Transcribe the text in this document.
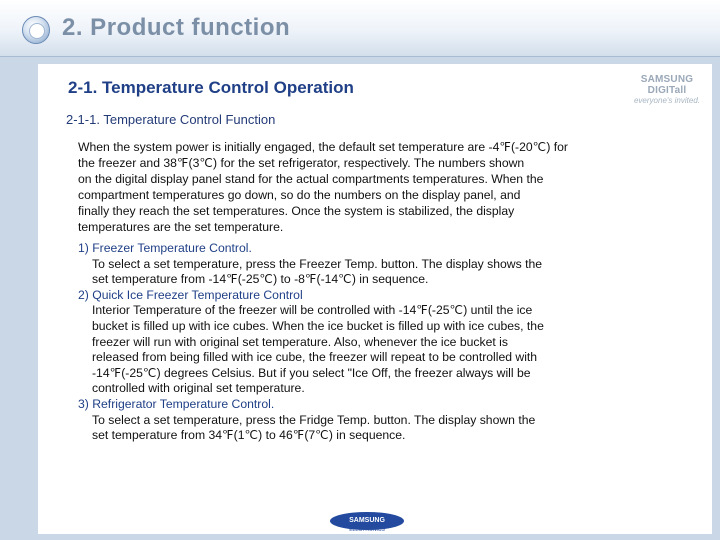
2. Product function
2-1. Temperature Control Operation	SAMSUNG DIGITall
everyone's invited.
2-1-1. Temperature Control Function
When the system power is initially engaged, the default set temperature are -4℉(-20℃) for
the freezer and 38℉(3℃) for the set refrigerator, respectively. The numbers shown
on the digital display panel stand for the actual compartments temperatures. When the
compartment temperatures go down, so do the numbers on the display panel, and
finally they reach the set temperatures. Once the system is stabilized, the display
temperatures are the set temperature.
1) Freezer Temperature Control.
To select a set temperature, press the Freezer Temp. button. The display shows the
set temperature from -14℉(-25℃) to -8℉(-14℃) in sequence.
2) Quick Ice Freezer Temperature Control
Interior Temperature of the freezer will be controlled with -14℉(-25℃) until the ice
bucket is filled up with ice cubes. When the ice bucket is filled up with ice cubes, the
freezer will run with original set temperature. Also, whenever the ice bucket is
released from being filled with ice cube, the freezer will repeat to be controlled with
-14℉(-25℃) degrees Celsius. But if you select "Ice Off, the freezer always will be
controlled with original set temperature.
3) Refrigerator Temperature Control.
To select a set temperature, press the Fridge Temp. button. The display shown the
set temperature from 34℉(1℃) to 46℉(7℃) in sequence.
SAMSUNG
ELECTRONICS	20
